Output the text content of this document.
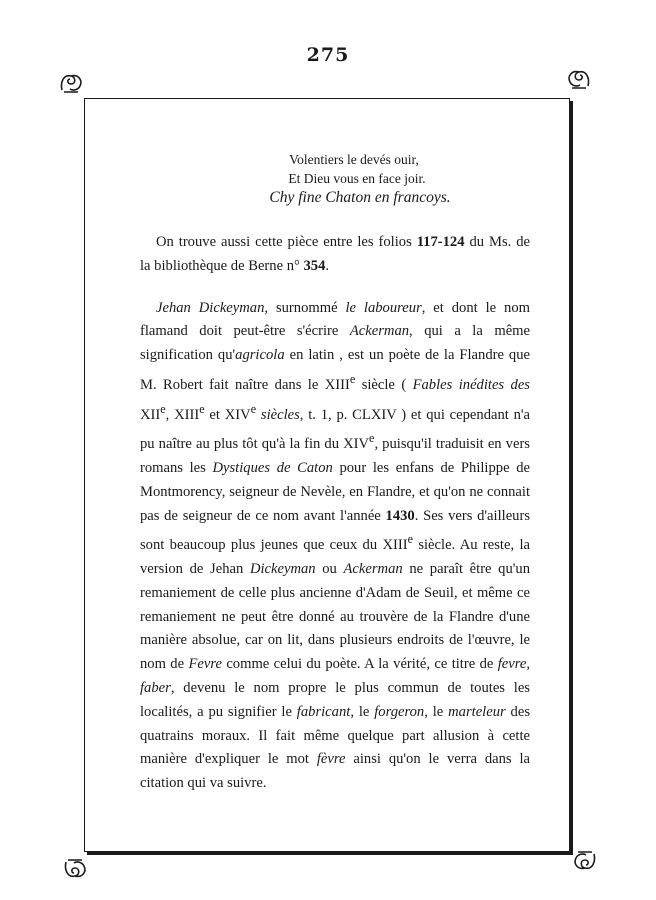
275
Volentiers le devés ouir,
Et Dieu vous en face joir.
Chy fine Chaton en francoys.

On trouve aussi cette pièce entre les folios 117-124 du Ms. de la bibliothèque de Berne n° 354.

Jehan Dickeyman, surnommé le laboureur, et dont le nom flamand doit peut-être s'écrire Ackerman, qui a la même signification qu'agricola en latin , est un poète de la Flandre que M. Robert fait naître dans le XIIIe siècle ( Fables inédites des XIIe, XIIIe et XIVe siècles, t. 1, p. CLXIV ) et qui cependant n'a pu naître au plus tôt qu'à la fin du XIVe, puisqu'il traduisit en vers romans les Dystiques de Caton pour les enfans de Philippe de Montmorency, seigneur de Nevèle, en Flandre, et qu'on ne connait pas de seigneur de ce nom avant l'année 1430. Ses vers d'ailleurs sont beaucoup plus jeunes que ceux du XIIIe siècle. Au reste, la version de Jehan Dickeyman ou Ackerman ne paraît être qu'un remaniement de celle plus ancienne d'Adam de Seuil, et même ce remaniement ne peut être donné au trouvère de la Flandre d'une manière absolue, car on lit, dans plusieurs endroits de l'œuvre, le nom de Fevre comme celui du poète. A la vérité, ce titre de fevre, faber, devenu le nom propre le plus commun de toutes les localités, a pu signifier le fabricant, le forgeron, le marteleur des quatrains moraux. Il fait même quelque part allusion à cette manière d'expliquer le mot fèvre ainsi qu'on le verra dans la citation qui va suivre.
